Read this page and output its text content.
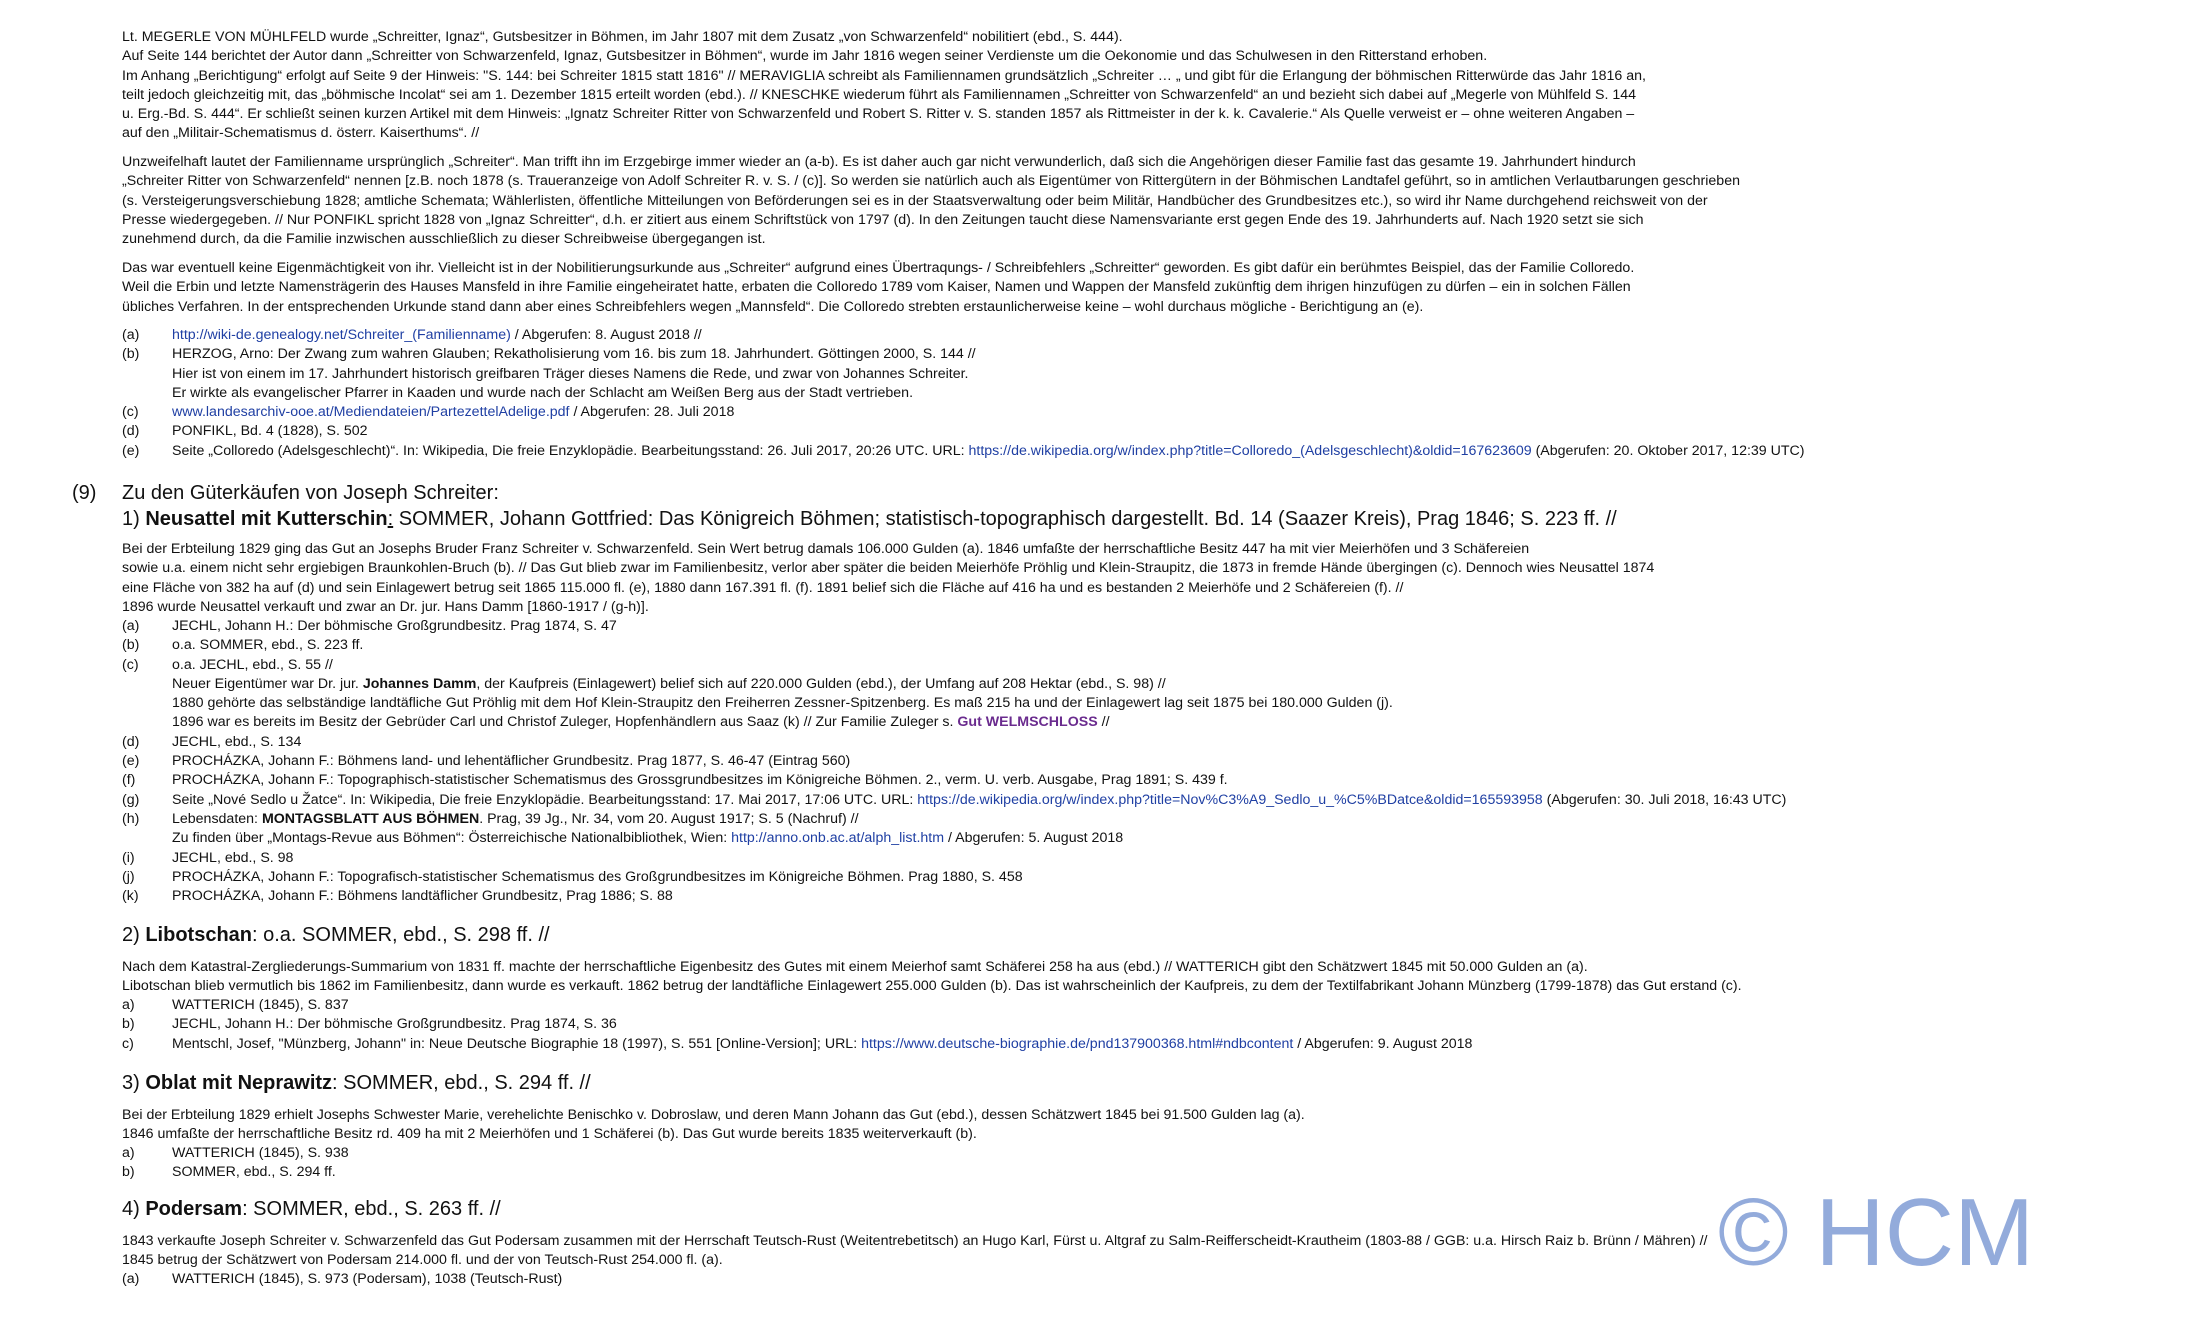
Lt. MEGERLE VON MÜHLFELD wurde „Schreitter, Ignaz“, Gutsbesitzer in Böhmen, im Jahr 1807 mit dem Zusatz „von Schwarzenfeld“ nobilitiert (ebd., S. 444).
Auf Seite 144 berichtet der Autor dann „Schreitter von Schwarzenfeld, Ignaz, Gutsbesitzer in Böhmen“, wurde im Jahr 1816 wegen seiner Verdienste um die Oekonomie und das Schulwesen in den Ritterstand erhoben.
Im Anhang „Berichtigung“ erfolgt auf Seite 9 der Hinweis: "S. 144: bei Schreiter 1815 statt 1816" // MERAVIGLIA schreibt als Familiennamen grundsätzlich „Schreiter … „ und gibt für die Erlangung der böhmischen Ritterwürde das Jahr 1816 an,
teilt jedoch gleichzeitig mit, das „böhmische Incolat“ sei am 1. Dezember 1815 erteilt worden (ebd.). // KNESCHKE wiederum führt als Familiennamen „Schreitter von Schwarzenfeld“ an und bezieht sich dabei auf „Megerle von Mühlfeld S. 144
u. Erg.-Bd. S. 444“. Er schließt seinen kurzen Artikel mit dem Hinweis: „Ignatz Schreiter Ritter von Schwarzenfeld und Robert S. Ritter v. S. standen 1857 als Rittmeister in der k. k. Cavalerie.“ Als Quelle verweist er – ohne weiteren Angaben –
auf den „Militair-Schematismus d. österr. Kaiserthums“. //
Unzweifelhaft lautet der Familienname ursprünglich „Schreiter“. Man trifft ihn im Erzgebirge immer wieder an (a-b). Es ist daher auch gar nicht verwunderlich, daß sich die Angehörigen dieser Familie fast das gesamte 19. Jahrhundert hindurch
„Schreiter Ritter von Schwarzenfeld“ nennen [z.B. noch 1878 (s. Traueranzeige von Adolf Schreiter R. v. S. / (c)]. So werden sie natürlich auch als Eigentümer von Rittergütern in der Böhmischen Landtafel geführt, so in amtlichen Verlautbarungen geschrieben
(s. Versteigerungsverschiebung 1828; amtliche Schemata; Wählerlisten, öffentliche Mitteilungen von Beförderungen sei es in der Staatsverwaltung oder beim Militär, Handbücher des Grundbesitzes etc.), so wird ihr Name durchgehend reichsweit von der
Presse wiedergegeben. // Nur PONFIKL spricht 1828 von „Ignaz Schreitter“, d.h. er zitiert aus einem Schriftstück von 1797 (d). In den Zeitungen taucht diese Namensvariante erst gegen Ende des 19. Jahrhunderts auf. Nach 1920 setzt sie sich
zunehmend durch, da die Familie inzwischen ausschließlich zu dieser Schreibweise übergegangen ist.
Das war eventuell keine Eigenmächtigkeit von ihr. Vielleicht ist in der Nobilitierungsurkunde aus „Schreiter“ aufgrund eines Übertraqungs- / Schreibfehlers „Schreitter“ geworden. Es gibt dafür ein berühmtes Beispiel, das der Familie Colloredo.
Weil die Erbin und letzte Namensträgerin des Hauses Mansfeld in ihre Familie eingeheiratet hatte, erbaten die Colloredo 1789 vom Kaiser, Namen und Wappen der Mansfeld zukünftig dem ihrigen hinzufügen zu dürfen – ein in solchen Fällen
übliches Verfahren. In der entsprechenden Urkunde stand dann aber eines Schreibfehlers wegen „Mannsfeld“. Die Colloredo strebten erstaunlicherweise keine – wohl durchaus mögliche - Berichtigung an (e).
(a) http://wiki-de.genealogy.net/Schreiter_(Familienname) / Abgerufen: 8. August 2018 //
(b) HERZOG, Arno: Der Zwang zum wahren Glauben; Rekatholisierung vom 16. bis zum 18. Jahrhundert. Göttingen 2000, S. 144 //
Hier ist von einem im 17. Jahrhundert historisch greifbaren Träger dieses Namens die Rede, und zwar von Johannes Schreiter.
Er wirkte als evangelischer Pfarrer in Kaaden und wurde nach der Schlacht am Weißen Berg aus der Stadt vertrieben.
(c) www.landesarchiv-ooe.at/Mediendateien/PartezettelAdelige.pdf / Abgerufen: 28. Juli 2018
(d) PONFIKL, Bd. 4 (1828), S. 502
(e) Seite „Colloredo (Adelsgeschlecht)“. In: Wikipedia, Die freie Enzyklopädie. Bearbeitungsstand: 26. Juli 2017, 20:26 UTC. URL: https://de.wikipedia.org/w/index.php?title=Colloredo_(Adelsgeschlecht)&oldid=167623609 (Abgerufen: 20. Oktober 2017, 12:39 UTC)
(9) Zu den Güterkäufen von Joseph Schreiter:
1) Neusattel mit Kutterschin: SOMMER, Johann Gottfried: Das Königreich Böhmen; statistisch-topographisch dargestellt. Bd. 14 (Saazer Kreis), Prag 1846; S. 223 ff. //
Bei der Erbteilung 1829 ging das Gut an Josephs Bruder Franz Schreiter v. Schwarzenfeld. Sein Wert betrug damals 106.000 Gulden (a). 1846 umfaßte der herrschaftliche Besitz 447 ha mit vier Meierhöfen und 3 Schäfereien
sowie u.a. einem nicht sehr ergiebigen Braunkohlen-Bruch (b). // Das Gut blieb zwar im Familienbesitz, verlor aber später die beiden Meierhöfe Pröhlig und Klein-Straupitz, die 1873 in fremde Hände übergingen (c). Dennoch wies Neusattel 1874
eine Fläche von 382 ha auf (d) und sein Einlagewert betrug seit 1865 115.000 fl. (e), 1880 dann 167.391 fl. (f). 1891 belief sich die Fläche auf 416 ha und es bestanden 2 Meierhöfe und 2 Schäfereien (f). //
1896 wurde Neusattel verkauft und zwar an Dr. jur. Hans Damm [1860-1917 / (g-h)].
(a) JECHL, Johann H.: Der böhmische Großgrundbesitz. Prag 1874, S. 47
(b) o.a. SOMMER, ebd., S. 223 ff.
(c) o.a. JECHL, ebd., S. 55 //
Neuer Eigentümer war Dr. jur. Johannes Damm, der Kaufpreis (Einlagewert) belief sich auf 220.000 Gulden (ebd.), der Umfang auf 208 Hektar (ebd., S. 98) //
1880 gehörte das selbständige landtäfliche Gut Pröhlig mit dem Hof Klein-Straupitz den Freiherren Zessner-Spitzenberg. Es maß 215 ha und der Einlagewert lag seit 1875 bei 180.000 Gulden (j).
1896 war es bereits im Besitz der Gebrüder Carl und Christof Zuleger, Hopfenhändlern aus Saaz (k) // Zur Familie Zuleger s. Gut WELMSCHLOSS //
(d) JECHL, ebd., S. 134
(e) PROCHÁZKA, Johann F.: Böhmens land- und lehentäflicher Grundbesitz. Prag 1877, S. 46-47 (Eintrag 560)
(f)	PROCHÁZKA, Johann F.: Topographisch-statistischer Schematismus des Grossgrundbesitzes im Königreiche Böhmen. 2., verm. U. verb. Ausgabe, Prag 1891; S. 439 f.
(g) Seite „Nové Sedlo u Žatce“. In: Wikipedia, Die freie Enzyklopädie. Bearbeitungsstand: 17. Mai 2017, 17:06 UTC. URL: https://de.wikipedia.org/w/index.php?title=Nov%C3%A9_Sedlo_u_%C5%BDatce&oldid=165593958 (Abgerufen: 30. Juli 2018, 16:43 UTC)
(h) Lebensdaten: MONTAGSBLATT AUS BÖHMEN. Prag, 39 Jg., Nr. 34, vom 20. August 1917; S. 5 (Nachruf) //
Zu finden über „Montags-Revue aus Böhmen“: Österreichische Nationalbibliothek, Wien: http://anno.onb.ac.at/alph_list.htm / Abgerufen: 5. August 2018
(i)	JECHL, ebd., S. 98
(j)	PROCHÁZKA, Johann F.: Topografisch-statistischer Schematismus des Großgrundbesitzes im Königreiche Böhmen. Prag 1880, S. 458
(k) PROCHÁZKA, Johann F.: Böhmens landtäflicher Grundbesitz, Prag 1886; S. 88
2) Libotschan: o.a. SOMMER, ebd., S. 298 ff. //
Nach dem Katastral-Zergliederungs-Summarium von 1831 ff. machte der herrschaftliche Eigenbesitz des Gutes mit einem Meierhof samt Schäferei 258 ha aus (ebd.) // WATTERICH gibt den Schätzwert 1845 mit 50.000 Gulden an (a).
Libotschan blieb vermutlich bis 1862 im Familienbesitz, dann wurde es verkauft. 1862 betrug der landtäfliche Einlagewert 255.000 Gulden (b). Das ist wahrscheinlich der Kaufpreis, zu dem der Textilfabrikant Johann Münzberg (1799-1878) das Gut erstand (c).
a)	WATTERICH (1845), S. 837
b)	JECHL, Johann H.: Der böhmische Großgrundbesitz. Prag 1874, S. 36
c)	Mentschl, Josef, "Münzberg, Johann" in: Neue Deutsche Biographie 18 (1997), S. 551 [Online-Version]; URL: https://www.deutsche-biographie.de/pnd137900368.html#ndbcontent / Abgerufen: 9. August 2018
3) Oblat mit Neprawitz: SOMMER, ebd., S. 294 ff. //
Bei der Erbteilung 1829 erhielt Josephs Schwester Marie, verehelichte Benischko v. Dobroslaw, und deren Mann Johann das Gut (ebd.), dessen Schätzwert 1845 bei 91.500 Gulden lag (a).
1846 umfaßte der herrschaftliche Besitz rd. 409 ha mit 2 Meierhöfen und 1 Schäferei (b). Das Gut wurde bereits 1835 weiterverkauft (b).
a)	WATTERICH (1845), S. 938
b)	SOMMER, ebd., S. 294 ff.
4) Podersam: SOMMER, ebd., S. 263 ff. //
1843 verkaufte Joseph Schreiter v. Schwarzenfeld das Gut Podersam zusammen mit der Herrschaft Teutsch-Rust (Weitentrebetitsch) an Hugo Karl, Fürst u. Altgraf zu Salm-Reifferscheidt-Krautheim (1803-88 / GGB: u.a. Hirsch Raiz b. Brünn / Mähren) //
1845 betrug der Schätzwert von Podersam 214.000 fl. und der von Teutsch-Rust 254.000 fl. (a).
(a) WATTERICH (1845), S. 973 (Podersam), 1038 (Teutsch-Rust)	© HCM
